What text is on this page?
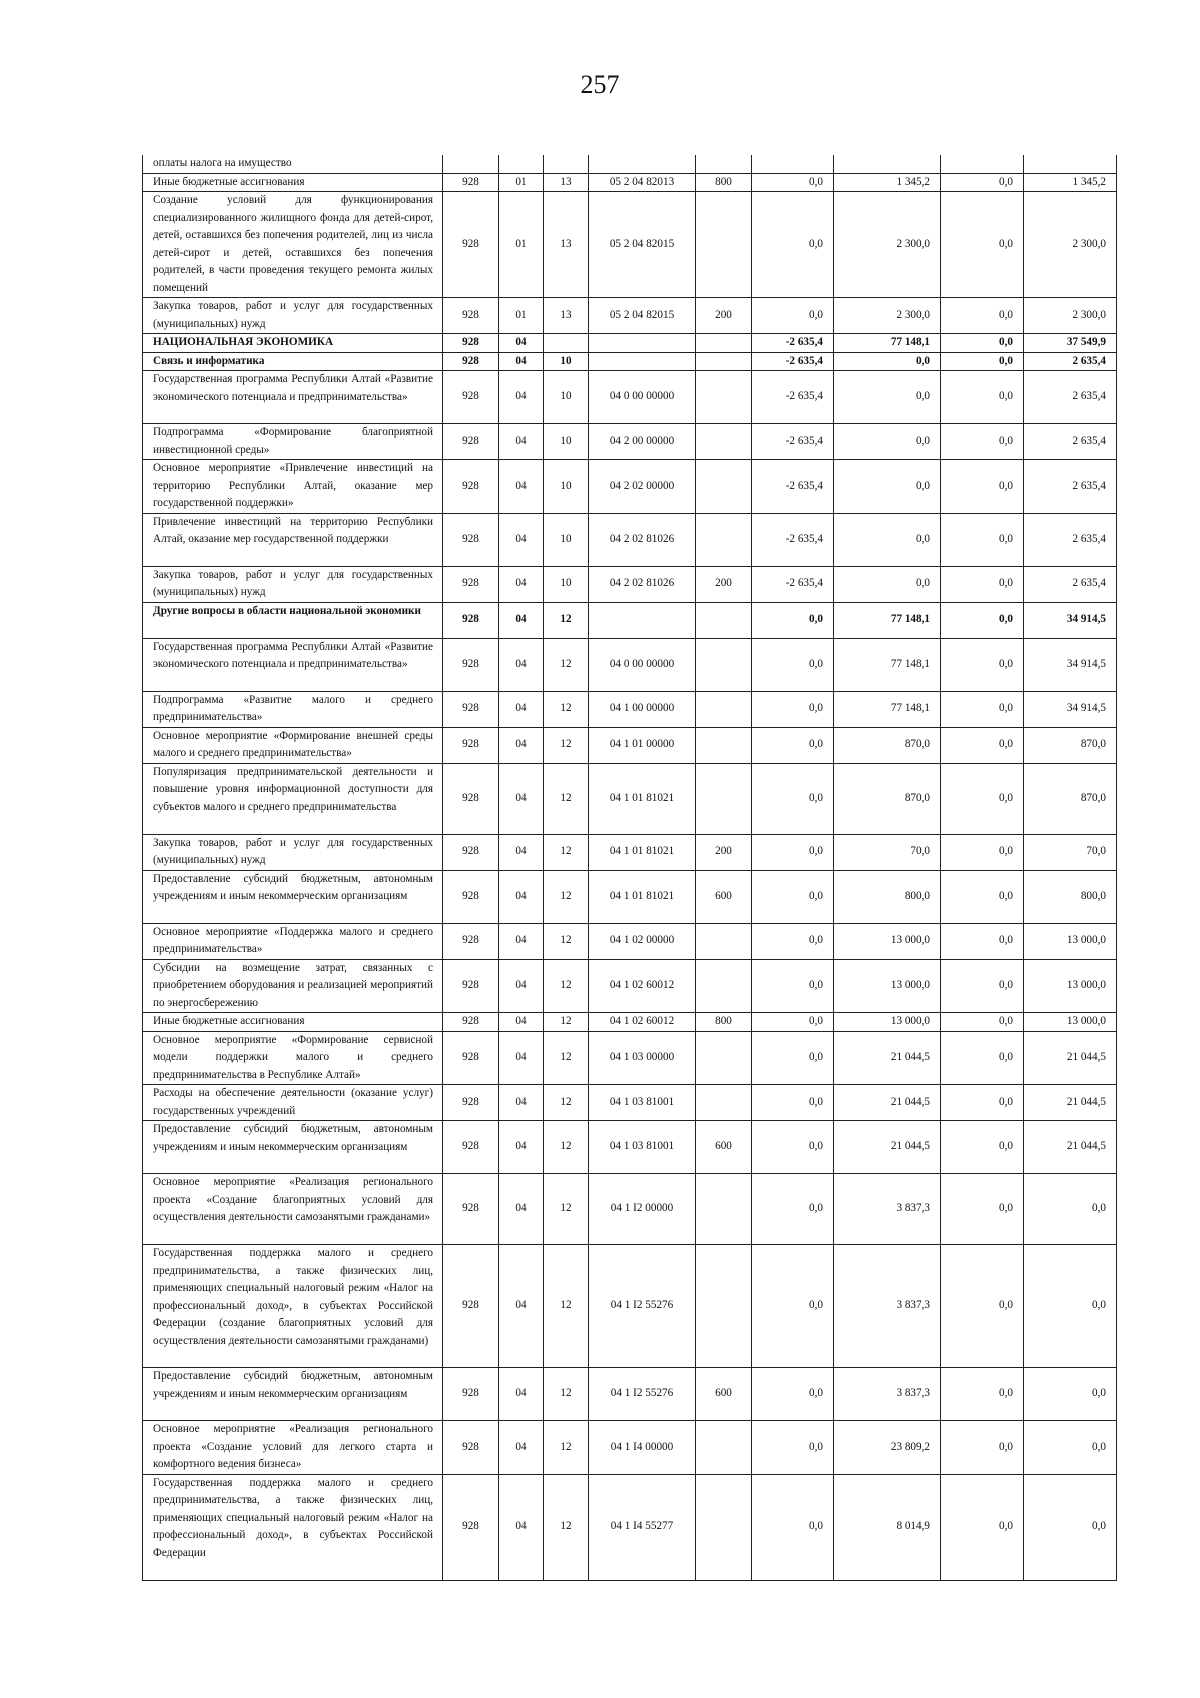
257
оплаты налога на имущество									
Иные бюджетные ассигнования	928	01	13	05 2 04 82013	800	0,0	1 345,2	0,0	1 345,2
Создание условий для функционирования специализированного жилищного фонда для детей-сирот, детей, оставшихся без попечения родителей, лиц из числа детей-сирот и детей, оставшихся без попечения родителей, в части проведения текущего ремонта жилых помещений	928	01	13	05 2 04 82015		0,0	2 300,0	0,0	2 300,0
Закупка товаров, работ и услуг для государственных (муниципальных) нужд	928	01	13	05 2 04 82015	200	0,0	2 300,0	0,0	2 300,0
НАЦИОНАЛЬНАЯ ЭКОНОМИКА	928	04				-2 635,4	77 148,1	0,0	37 549,9
Связь и информатика	928	04	10			-2 635,4	0,0	0,0	2 635,4
Государственная программа Республики Алтай «Развитие экономического потенциала и предпринимательства»	928	04	10	04 0 00 00000		-2 635,4	0,0	0,0	2 635,4
Подпрограмма «Формирование благоприятной инвестиционной среды»	928	04	10	04 2 00 00000		-2 635,4	0,0	0,0	2 635,4
Основное мероприятие «Привлечение инвестиций на территорию Республики Алтай, оказание мер государственной поддержки»	928	04	10	04 2 02 00000		-2 635,4	0,0	0,0	2 635,4
Привлечение инвестиций на территорию Республики Алтай, оказание мер государственной поддержки	928	04	10	04 2 02 81026		-2 635,4	0,0	0,0	2 635,4
Закупка товаров, работ и услуг для государственных (муниципальных) нужд	928	04	10	04 2 02 81026	200	-2 635,4	0,0	0,0	2 635,4
Другие вопросы в области национальной экономики	928	04	12			0,0	77 148,1	0,0	34 914,5
Государственная программа Республики Алтай «Развитие экономического потенциала и предпринимательства»	928	04	12	04 0 00 00000		0,0	77 148,1	0,0	34 914,5
Подпрограмма «Развитие малого и среднего предпринимательства»	928	04	12	04 1 00 00000		0,0	77 148,1	0,0	34 914,5
Основное мероприятие «Формирование внешней среды малого и среднего предпринимательства»	928	04	12	04 1 01 00000		0,0	870,0	0,0	870,0
Популяризация предпринимательской деятельности и повышение уровня информационной доступности для субъектов малого и среднего предпринимательства	928	04	12	04 1 01 81021		0,0	870,0	0,0	870,0
Закупка товаров, работ и услуг для государственных (муниципальных) нужд	928	04	12	04 1 01 81021	200	0,0	70,0	0,0	70,0
Предоставление субсидий бюджетным, автономным учреждениям и иным некоммерческим организациям	928	04	12	04 1 01 81021	600	0,0	800,0	0,0	800,0
Основное мероприятие «Поддержка малого и среднего предпринимательства»	928	04	12	04 1 02 00000		0,0	13 000,0	0,0	13 000,0
Субсидии на возмещение затрат, связанных с приобретением оборудования и реализацией мероприятий по энергосбережению	928	04	12	04 1 02 60012		0,0	13 000,0	0,0	13 000,0
Иные бюджетные ассигнования	928	04	12	04 1 02 60012	800	0,0	13 000,0	0,0	13 000,0
Основное мероприятие «Формирование сервисной модели поддержки малого и среднего предпринимательства в Республике Алтай»	928	04	12	04 1 03 00000		0,0	21 044,5	0,0	21 044,5
Расходы на обеспечение деятельности (оказание услуг) государственных учреждений	928	04	12	04 1 03 81001		0,0	21 044,5	0,0	21 044,5
Предоставление субсидий бюджетным, автономным учреждениям и иным некоммерческим организациям	928	04	12	04 1 03 81001	600	0,0	21 044,5	0,0	21 044,5
Основное мероприятие «Реализация регионального проекта «Создание благоприятных условий для осуществления деятельности самозанятыми гражданами»	928	04	12	04 1 I2 00000		0,0	3 837,3	0,0	0,0
Государственная поддержка малого и среднего предпринимательства, а также физических лиц, применяющих специальный налоговый режим «Налог на профессиональный доход», в субъектах Российской Федерации (создание благоприятных условий для осуществления деятельности самозанятыми гражданами)	928	04	12	04 1 I2 55276		0,0	3 837,3	0,0	0,0
Предоставление субсидий бюджетным, автономным учреждениям и иным некоммерческим организациям	928	04	12	04 1 I2 55276	600	0,0	3 837,3	0,0	0,0
Основное мероприятие «Реализация регионального проекта «Создание условий для легкого старта и комфортного ведения бизнеса»	928	04	12	04 1 I4 00000		0,0	23 809,2	0,0	0,0
Государственная поддержка малого и среднего предпринимательства, а также физических лиц, применяющих специальный налоговый режим «Налог на профессиональный доход», в субъектах Российской Федерации	928	04	12	04 1 I4 55277		0,0	8 014,9	0,0	0,0
